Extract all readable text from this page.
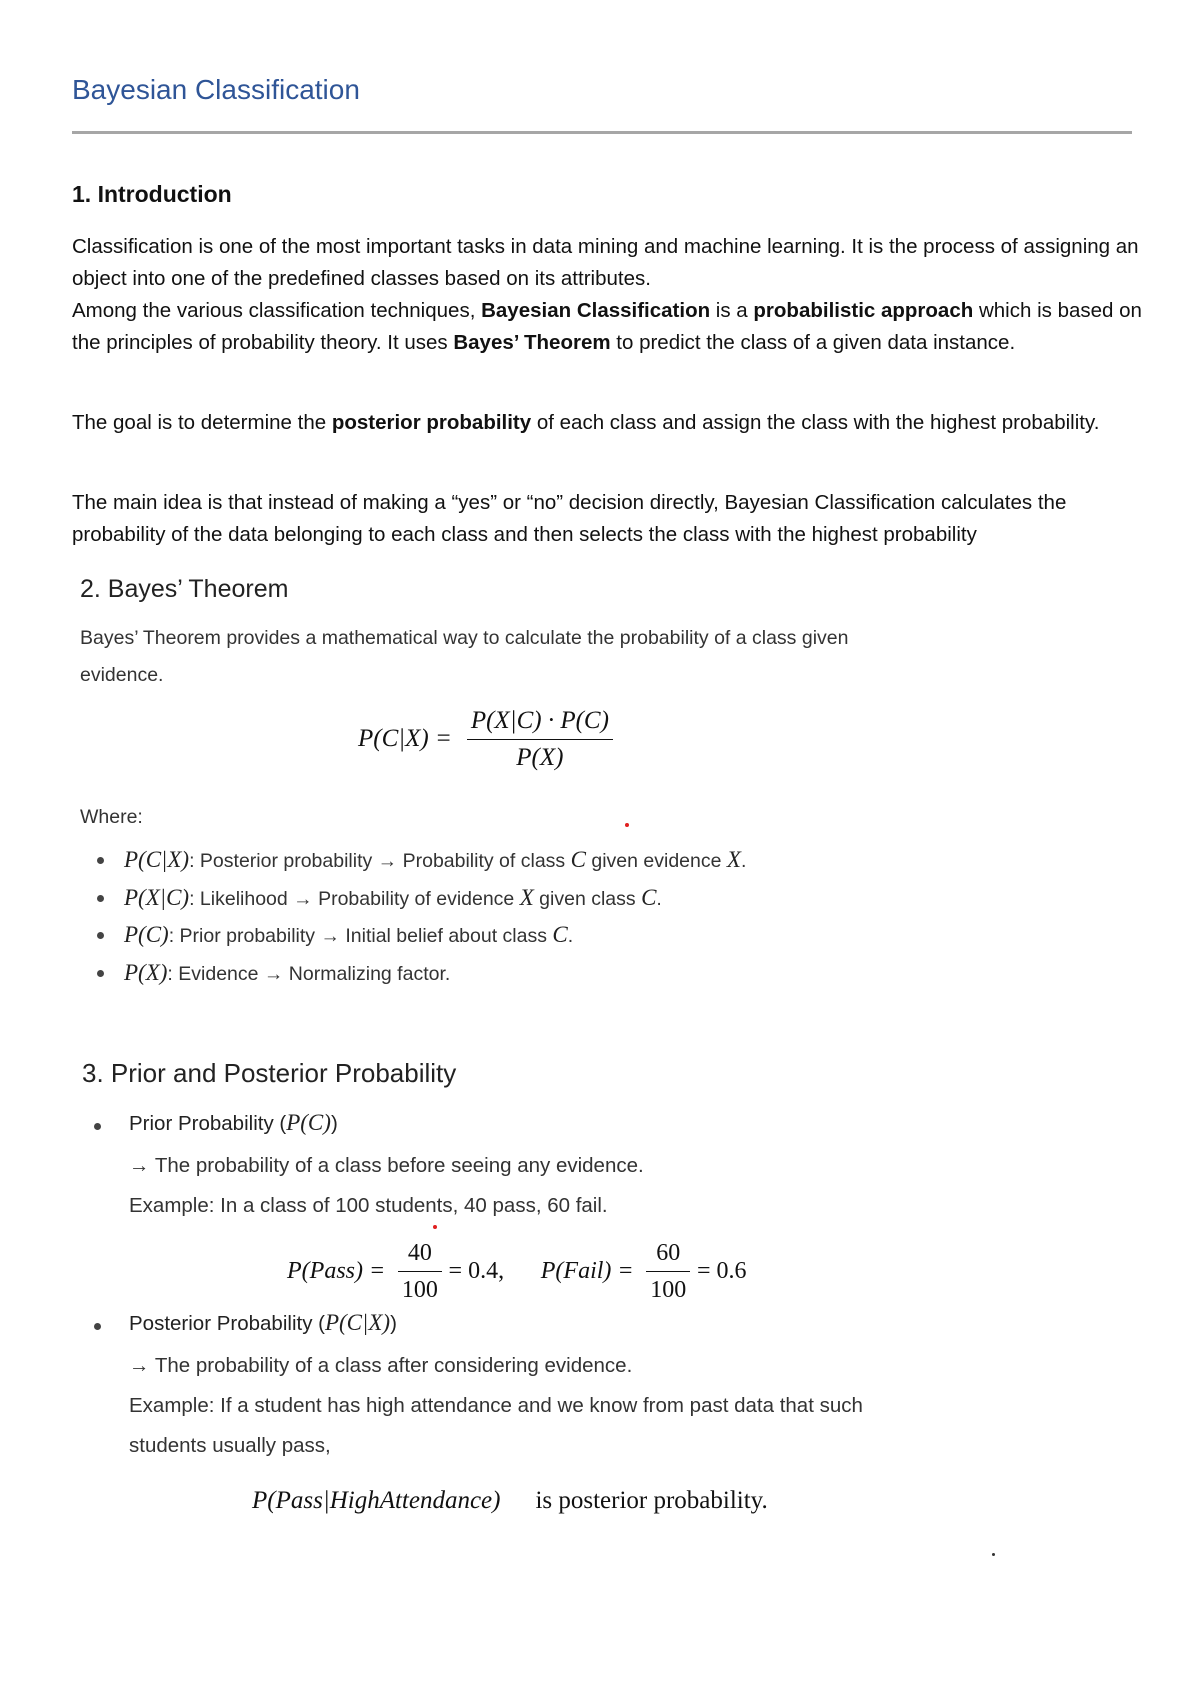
Bayesian Classification
1. Introduction
Classification is one of the most important tasks in data mining and machine learning. It is the process of assigning an object into one of the predefined classes based on its attributes.
Among the various classification techniques, Bayesian Classification is a probabilistic approach which is based on the principles of probability theory. It uses Bayes’ Theorem to predict the class of a given data instance.
The goal is to determine the posterior probability of each class and assign the class with the highest probability.
The main idea is that instead of making a “yes” or “no” decision directly, Bayesian Classification calculates the probability of the data belonging to each class and then selects the class with the highest probability
2. Bayes’ Theorem
Bayes’ Theorem provides a mathematical way to calculate the probability of a class given
evidence.
$P(C|X) = \frac{P(X|C) \cdot P(C)}{P(X)}$
Where:
P(C|X): Posterior probability → Probability of class C given evidence X.
P(X|C): Likelihood → Probability of evidence X given class C.
P(C): Prior probability → Initial belief about class C.
P(X): Evidence → Normalizing factor.
3. Prior and Posterior Probability
Prior Probability (P(C))
→ The probability of a class before seeing any evidence.
Example: In a class of 100 students, 40 pass, 60 fail.
P(Pass) = $\frac{40}{100} = 0.4$, P(Fail) = $\frac{60}{100} = 0.6$
Posterior Probability (P(C|X))
→ The probability of a class after considering evidence.
Example: If a student has high attendance and we know from past data that such
students usually pass,
P(Pass|HighAttendance) is posterior probability.
